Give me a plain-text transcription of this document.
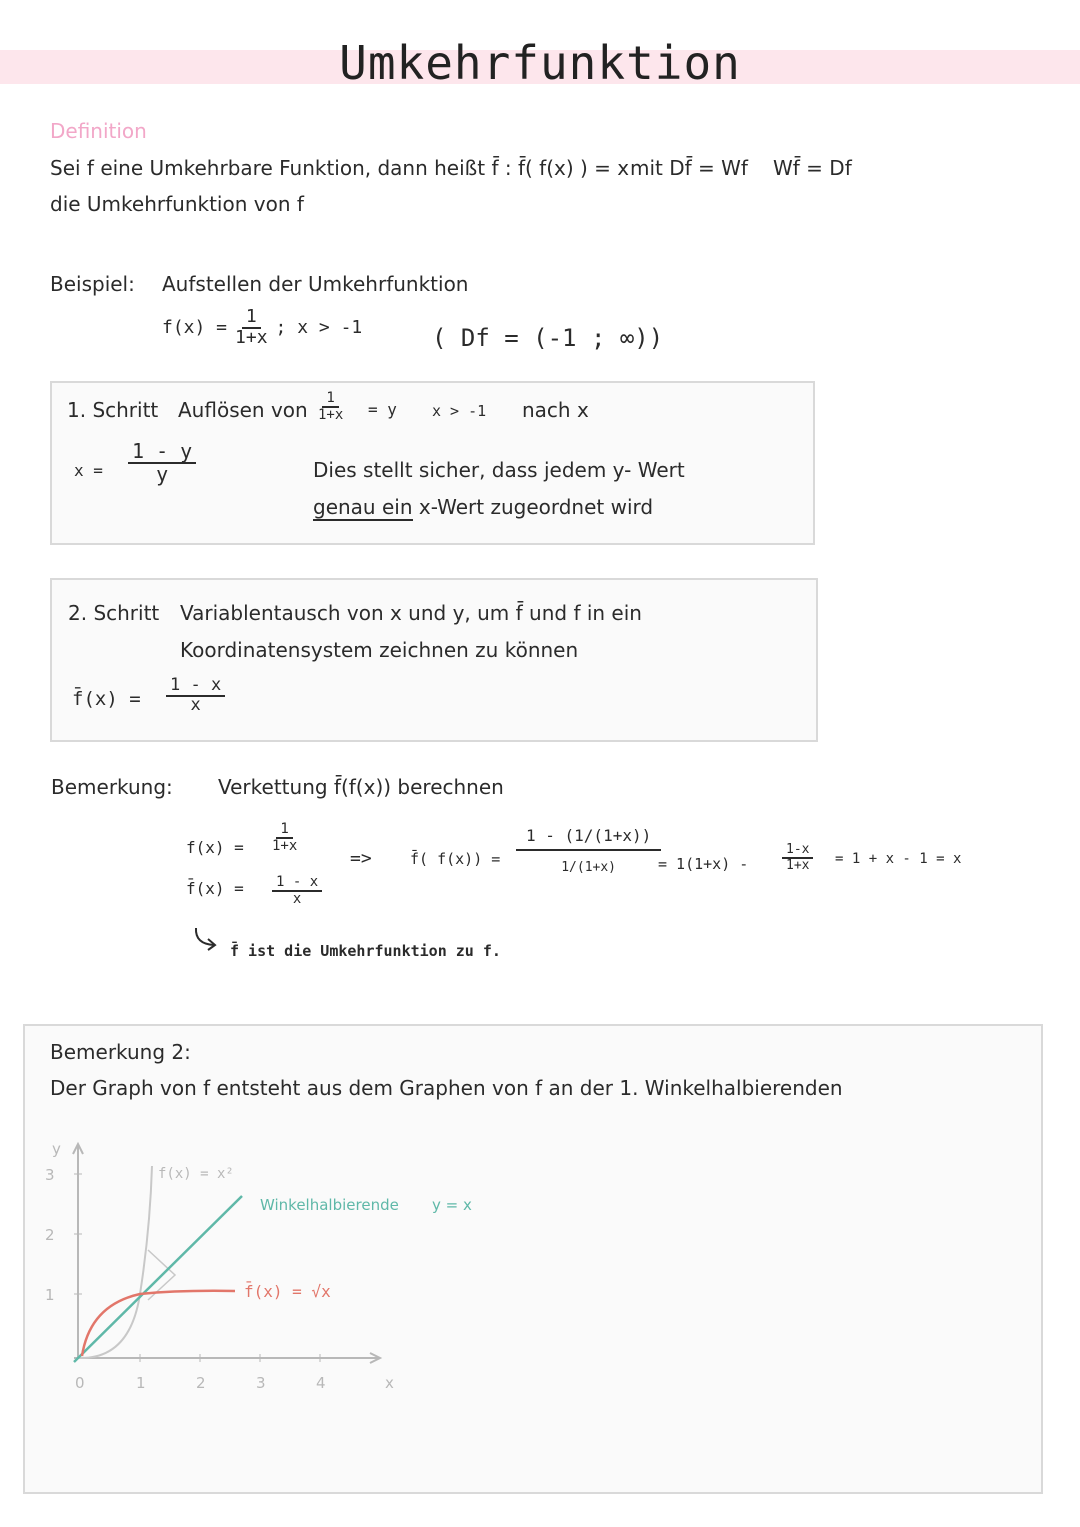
Umkehrfunktion
Definition
Sei f eine Umkehrbare Funktion, dann heißt f̄ : f̄( f(x) ) = x mit Df̄ = Wf Wf̄ = Df
die Umkehrfunktion von f
Beispiel: Aufstellen der Umkehrfunktion
$f(x) = \frac{1}{1+x}$ ; x > -1	( Df = (-1 ; ∞))
1. Schritt Auflösen von $\frac{1}{1+x} = y$ x > -1 nach x
$x = \frac{1 - y}{y}$	Dies stellt sicher, dass jedem y- Wert
genau ein x-Wert zugeordnet wird
2. Schritt Variablentausch von x und y, um f̄ und f in ein
Koordinatensystem zeichnen zu können
f̄(x) = $\frac{1 - x}{x}$
Bemerkung: Verkettung f̄(f(x)) berechnen
$f(x) = \frac{1}{1+x}$
f̄(x) = $\frac{1 - x}{x}$
=>	f̄( $f(x)) = \frac{1 - (1/(1+x))}{1/(1+x)}$
= 1(1+x) -	$\frac{1-x}{1+x} = 1 + x - 1 = x$
f̄ ist die Umkehrfunktion zu f.
Bemerkung 2:
Der Graph von f entsteht aus dem Graphen von f an der 1. Winkelhalbierenden
y
x
3
2
1
0	1	2	3	4
f(x) = x²
Winkelhalbierende y = x
f̄(x) = √x
